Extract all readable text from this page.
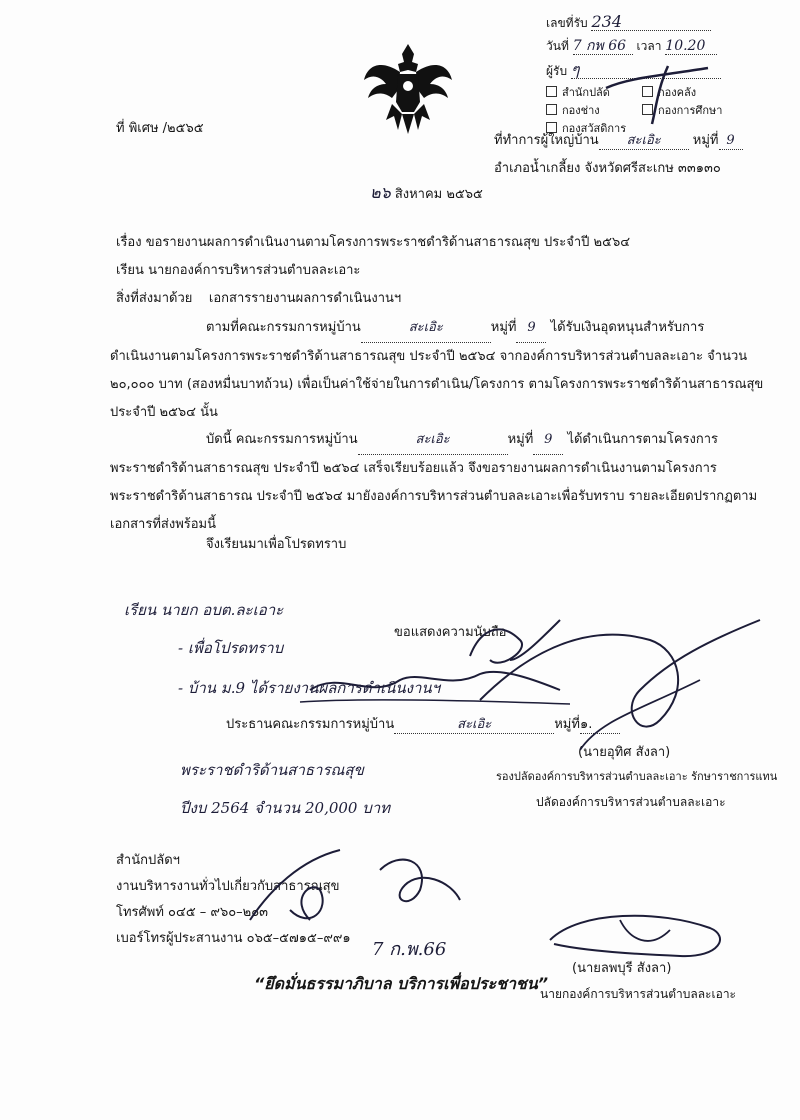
เลขที่รับ 234
วันที่ 7 กพ 66 เวลา 10.20
ผู้รับ ๆ
สำนักปลัด	กองคลัง
กองช่าง	กองการศึกษา
กองสวัสดิการ
ที่ พิเศษ /๒๕๖๕
ที่ทำการผู้ใหญ่บ้าน สะเอิะ หมู่ที่ 9
อำเภอน้ำเกลี้ยง จังหวัดศรีสะเกษ ๓๓๑๓๐
๒๖ สิงหาคม ๒๕๖๕
เรื่อง ขอรายงานผลการดำเนินงานตามโครงการพระราชดำริด้านสาธารณสุข ประจำปี ๒๕๖๔
เรียน นายกองค์การบริหารส่วนตำบลละเอาะ
สิ่งที่ส่งมาด้วย เอกสารรายงานผลการดำเนินงานฯ
ตามที่คณะกรรมการหมู่บ้าน	สะเอิะ	หมู่ที่ 9 ได้รับเงินอุดหนุนสำหรับการ
ดำเนินงานตามโครงการพระราชดำริด้านสาธารณสุข ประจำปี ๒๕๖๔ จากองค์การบริหารส่วนตำบลละเอาะ จำนวน
๒๐,๐๐๐ บาท (สองหมื่นบาทถ้วน) เพื่อเป็นค่าใช้จ่ายในการดำเนิน/โครงการ ตามโครงการพระราชดำริด้านสาธารณสุข
ประจำปี ๒๕๖๔ นั้น
บัดนี้ คณะกรรมการหมู่บ้าน	สะเอิะ	หมู่ที่ 9 ได้ดำเนินการตามโครงการ
พระราชดำริด้านสาธารณสุข ประจำปี ๒๕๖๔ เสร็จเรียบร้อยแล้ว จึงขอรายงานผลการดำเนินงานตามโครงการ
พระราชดำริด้านสาธารณ ประจำปี ๒๕๖๔ มายังองค์การบริหารส่วนตำบลละเอาะเพื่อรับทราบ รายละเอียดปรากฏตาม
เอกสารที่ส่งพร้อมนี้
จึงเรียนมาเพื่อโปรดทราบ
เรียน นายก อบต.ละเอาะ
- เพื่อโปรดทราบ
- บ้าน ม.9 ได้รายงานผลการดำเนินงานฯ
พระราชดำริด้านสาธารณสุข
ปีงบ 2564 จำนวน 20,000 บาท
ขอแสดงความนับถือ
ประธานคณะกรรมการหมู่บ้าน	สะเอิะ	หมู่ที่๑.
(นายอุทิศ สังลา)
รองปลัดองค์การบริหารส่วนตำบลละเอาะ รักษาราชการแทน
ปลัดองค์การบริหารส่วนตำบลละเอาะ
สำนักปลัดฯ
งานบริหารงานทั่วไปเกี่ยวกับสาธารณสุข
โทรศัพท์ ๐๔๕ – ๙๖๐–๒๐๓
เบอร์โทรผู้ประสานงาน ๐๖๕–๕๗๑๕–๙๙๑
7 ก.พ.66
(นายลพบุรี สังลา)
นายกองค์การบริหารส่วนตำบลละเอาะ
“ยึดมั่นธรรมาภิบาล บริการเพื่อประชาชน”
